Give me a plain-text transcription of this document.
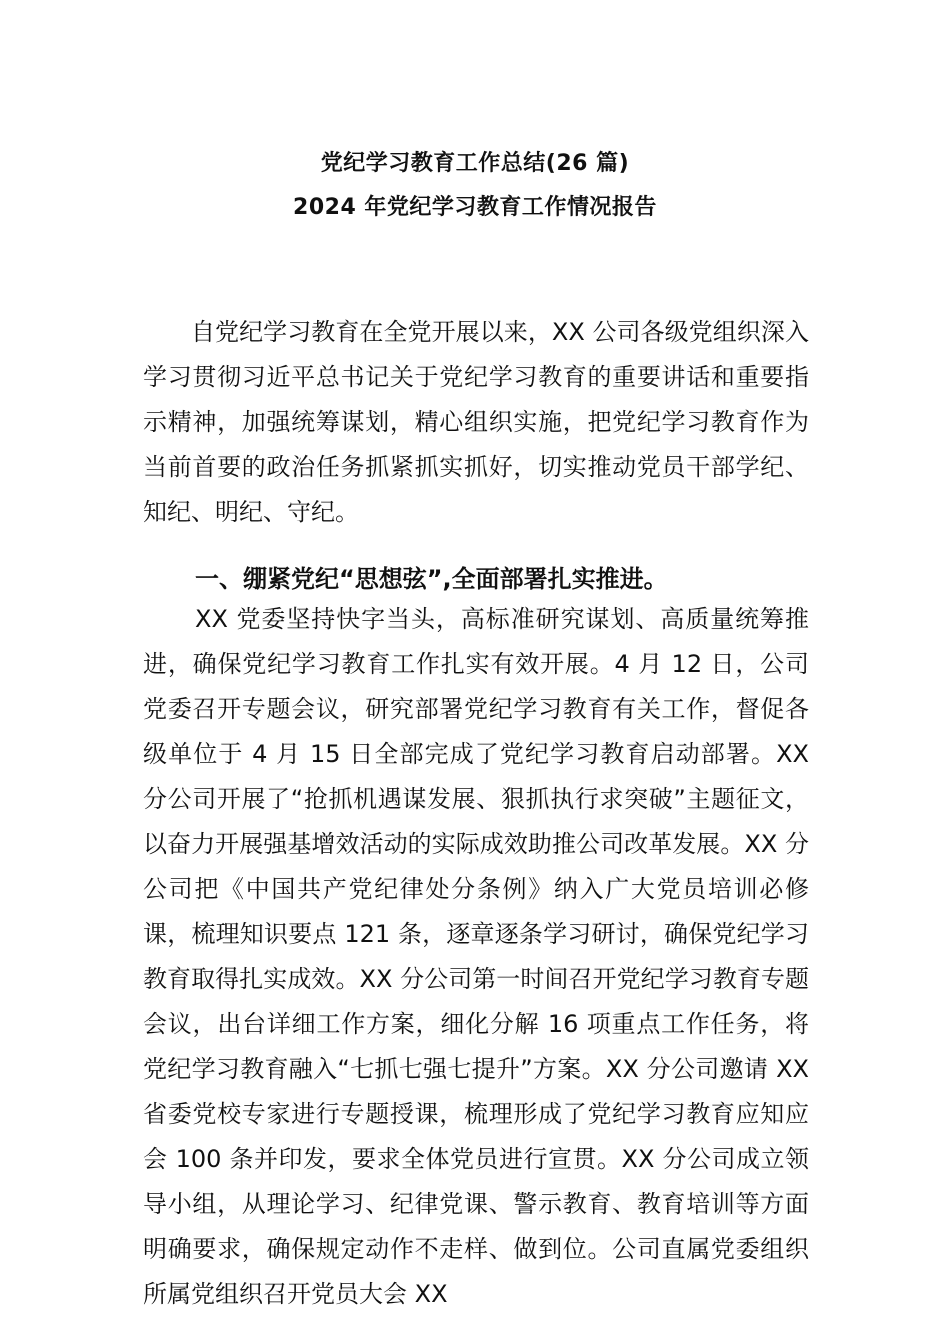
党纪学习教育工作总结(26 篇)
2024 年党纪学习教育工作情况报告

自党纪学习教育在全党开展以来，XX 公司各级党组织深入学习贯彻习近平总书记关于党纪学习教育的重要讲话和重要指示精神，加强统筹谋划，精心组织实施，把党纪学习教育作为当前首要的政治任务抓紧抓实抓好，切实推动党员干部学纪、知纪、明纪、守纪。

一、绷紧党纪“思想弦”,全面部署扎实推进。

XX 党委坚持快字当头，高标准研究谋划、高质量统筹推进，确保党纪学习教育工作扎实有效开展。4 月 12 日，公司党委召开专题会议，研究部署党纪学习教育有关工作，督促各级单位于 4 月 15 日全部完成了党纪学习教育启动部署。XX 分公司开展了“抢抓机遇谋发展、狠抓执行求突破”主题征文，以奋力开展强基增效活动的实际成效助推公司改革发展。XX 分公司把《中国共产党纪律处分条例》纳入广大党员培训必修课，梳理知识要点 121 条，逐章逐条学习研讨，确保党纪学习教育取得扎实成效。XX 分公司第一时间召开党纪学习教育专题会议，出台详细工作方案，细化分解 16 项重点工作任务，将党纪学习教育融入“七抓七强七提升”方案。XX 分公司邀请 XX 省委党校专家进行专题授课，梳理形成了党纪学习教育应知应会 100 条并印发，要求全体党员进行宣贯。XX 分公司成立领导小组，从理论学习、纪律党课、警示教育、教育培训等方面明确要求，确保规定动作不走样、做到位。公司直属党委组织所属党组织召开党员大会 XX
